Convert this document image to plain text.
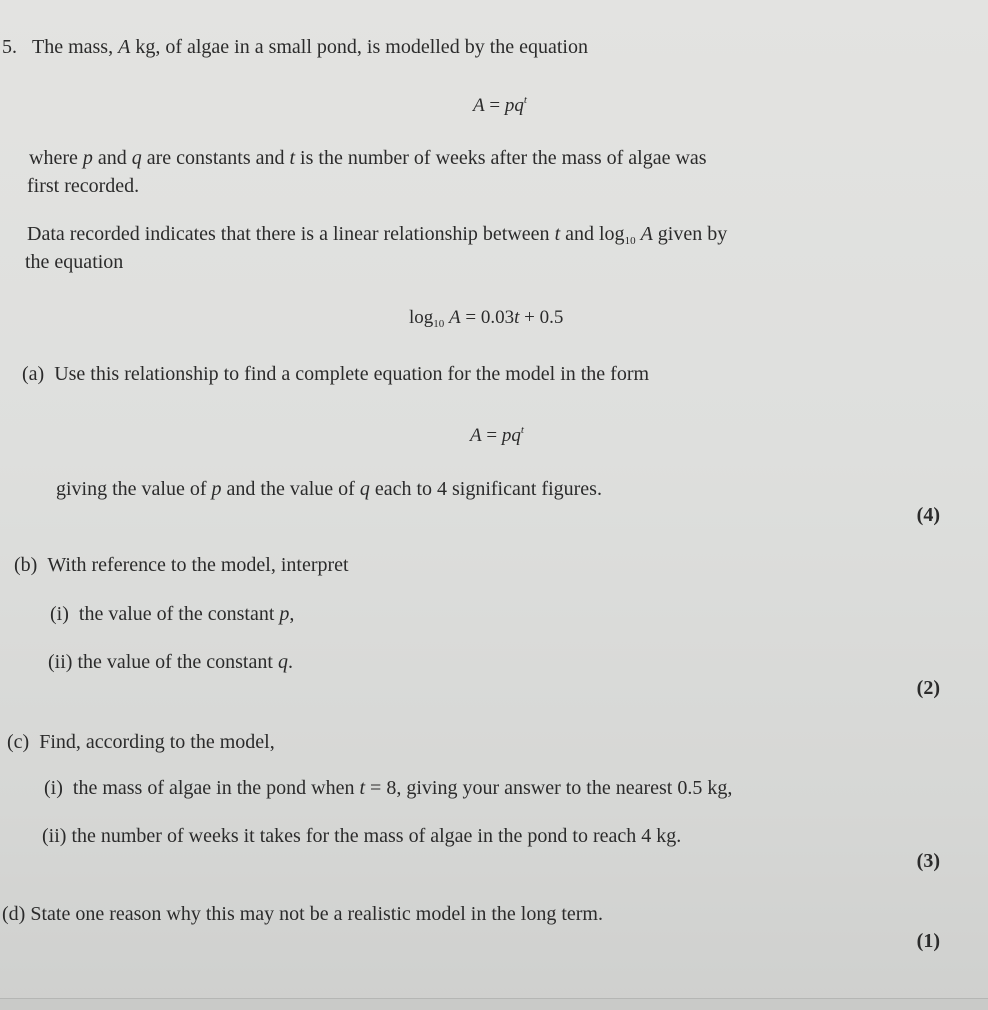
5. The mass, A kg, of algae in a small pond, is modelled by the equation
$A = pq^t$
where p and q are constants and t is the number of weeks after the mass of algae was
first recorded.
Data recorded indicates that there is a linear relationship between t and $\log_{10} A$ given by
the equation
$\log_{10} A = 0.03t + 0.5$
(a) Use this relationship to find a complete equation for the model in the form
$A = pq^t$
giving the value of p and the value of q each to 4 significant figures.
(4)
(b) With reference to the model, interpret
(i) the value of the constant p,
(ii) the value of the constant q.
(2)
(c) Find, according to the model,
(i) the mass of algae in the pond when t = 8, giving your answer to the nearest 0.5 kg,
(ii) the number of weeks it takes for the mass of algae in the pond to reach 4 kg.
(3)
(d) State one reason why this may not be a realistic model in the long term.
(1)
